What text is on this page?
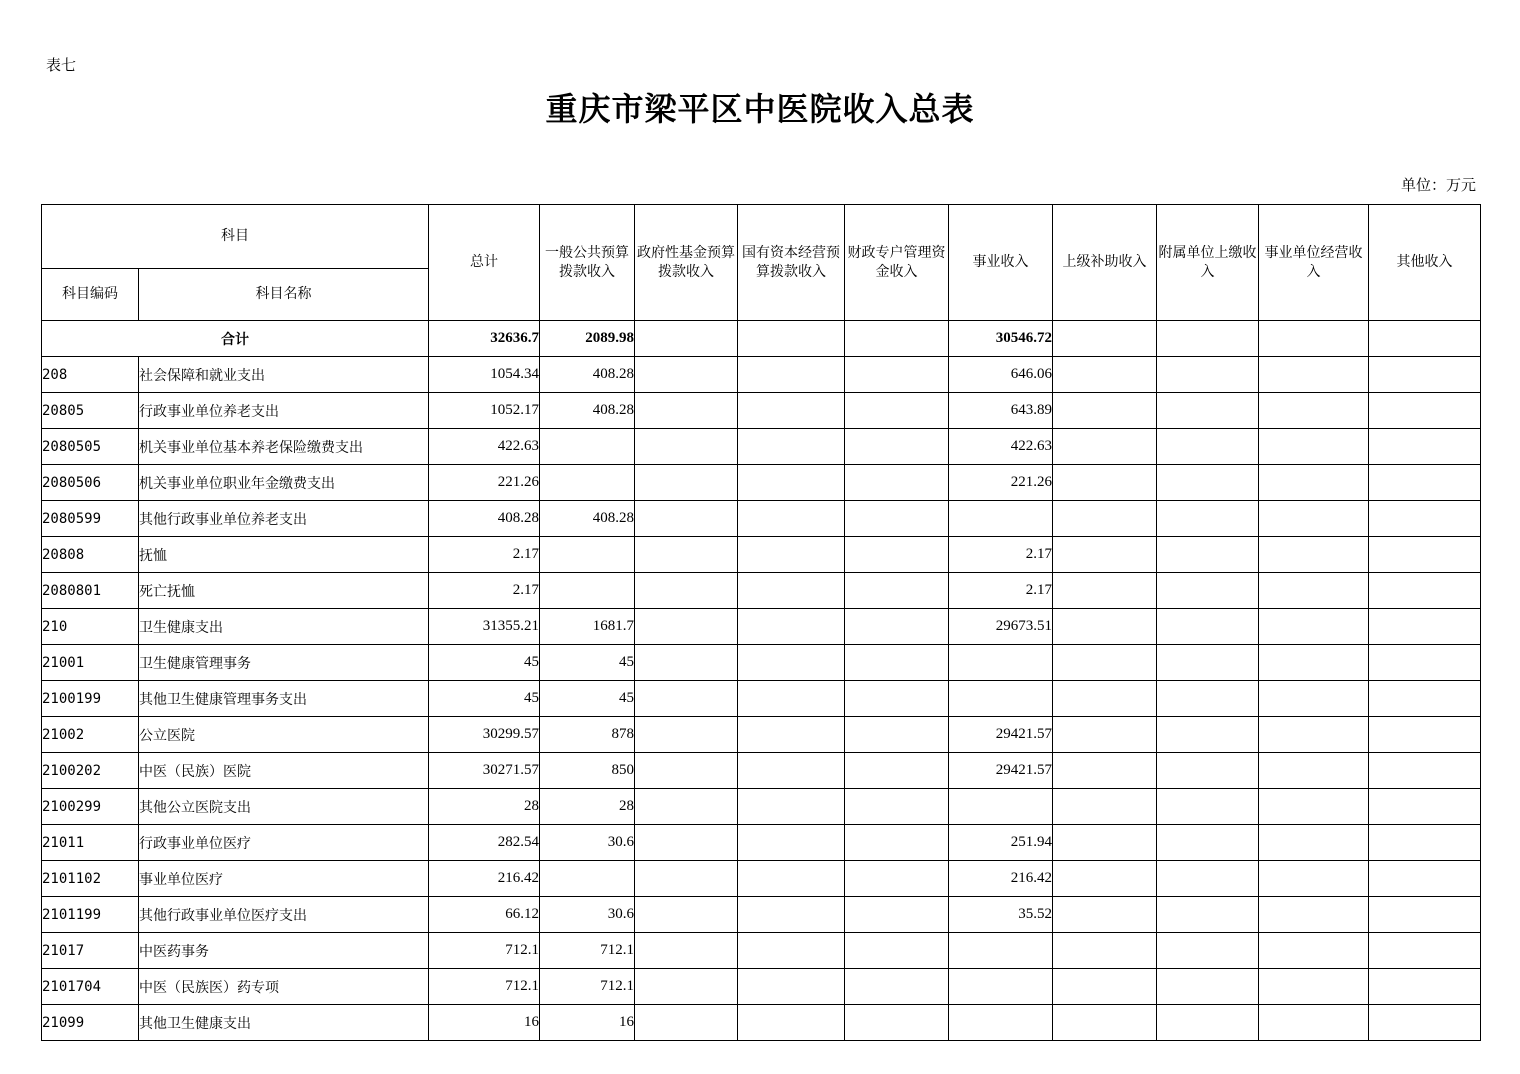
表七
重庆市梁平区中医院收入总表
单位：万元
科目		总计	一般公共预算拨款收入	政府性基金预算拨款收入	国有资本经营预算拨款收入	财政专户管理资金收入	事业收入	上级补助收入	附属单位上缴收入	事业单位经营收入	其他收入
科目编码	科目名称										
合计		32636.7	2089.98				30546.72				
208	社会保障和就业支出	1054.34	408.28				646.06				
20805	行政事业单位养老支出	1052.17	408.28				643.89				
2080505	机关事业单位基本养老保险缴费支出	422.63					422.63				
2080506	机关事业单位职业年金缴费支出	221.26					221.26				
2080599	其他行政事业单位养老支出	408.28	408.28								
20808	抚恤	2.17					2.17				
2080801	死亡抚恤	2.17					2.17				
210	卫生健康支出	31355.21	1681.7				29673.51				
21001	卫生健康管理事务	45	45								
2100199	其他卫生健康管理事务支出	45	45								
21002	公立医院	30299.57	878				29421.57				
2100202	中医（民族）医院	30271.57	850				29421.57				
2100299	其他公立医院支出	28	28								
21011	行政事业单位医疗	282.54	30.6				251.94				
2101102	事业单位医疗	216.42					216.42				
2101199	其他行政事业单位医疗支出	66.12	30.6				35.52				
21017	中医药事务	712.1	712.1								
2101704	中医（民族医）药专项	712.1	712.1								
21099	其他卫生健康支出	16	16								
